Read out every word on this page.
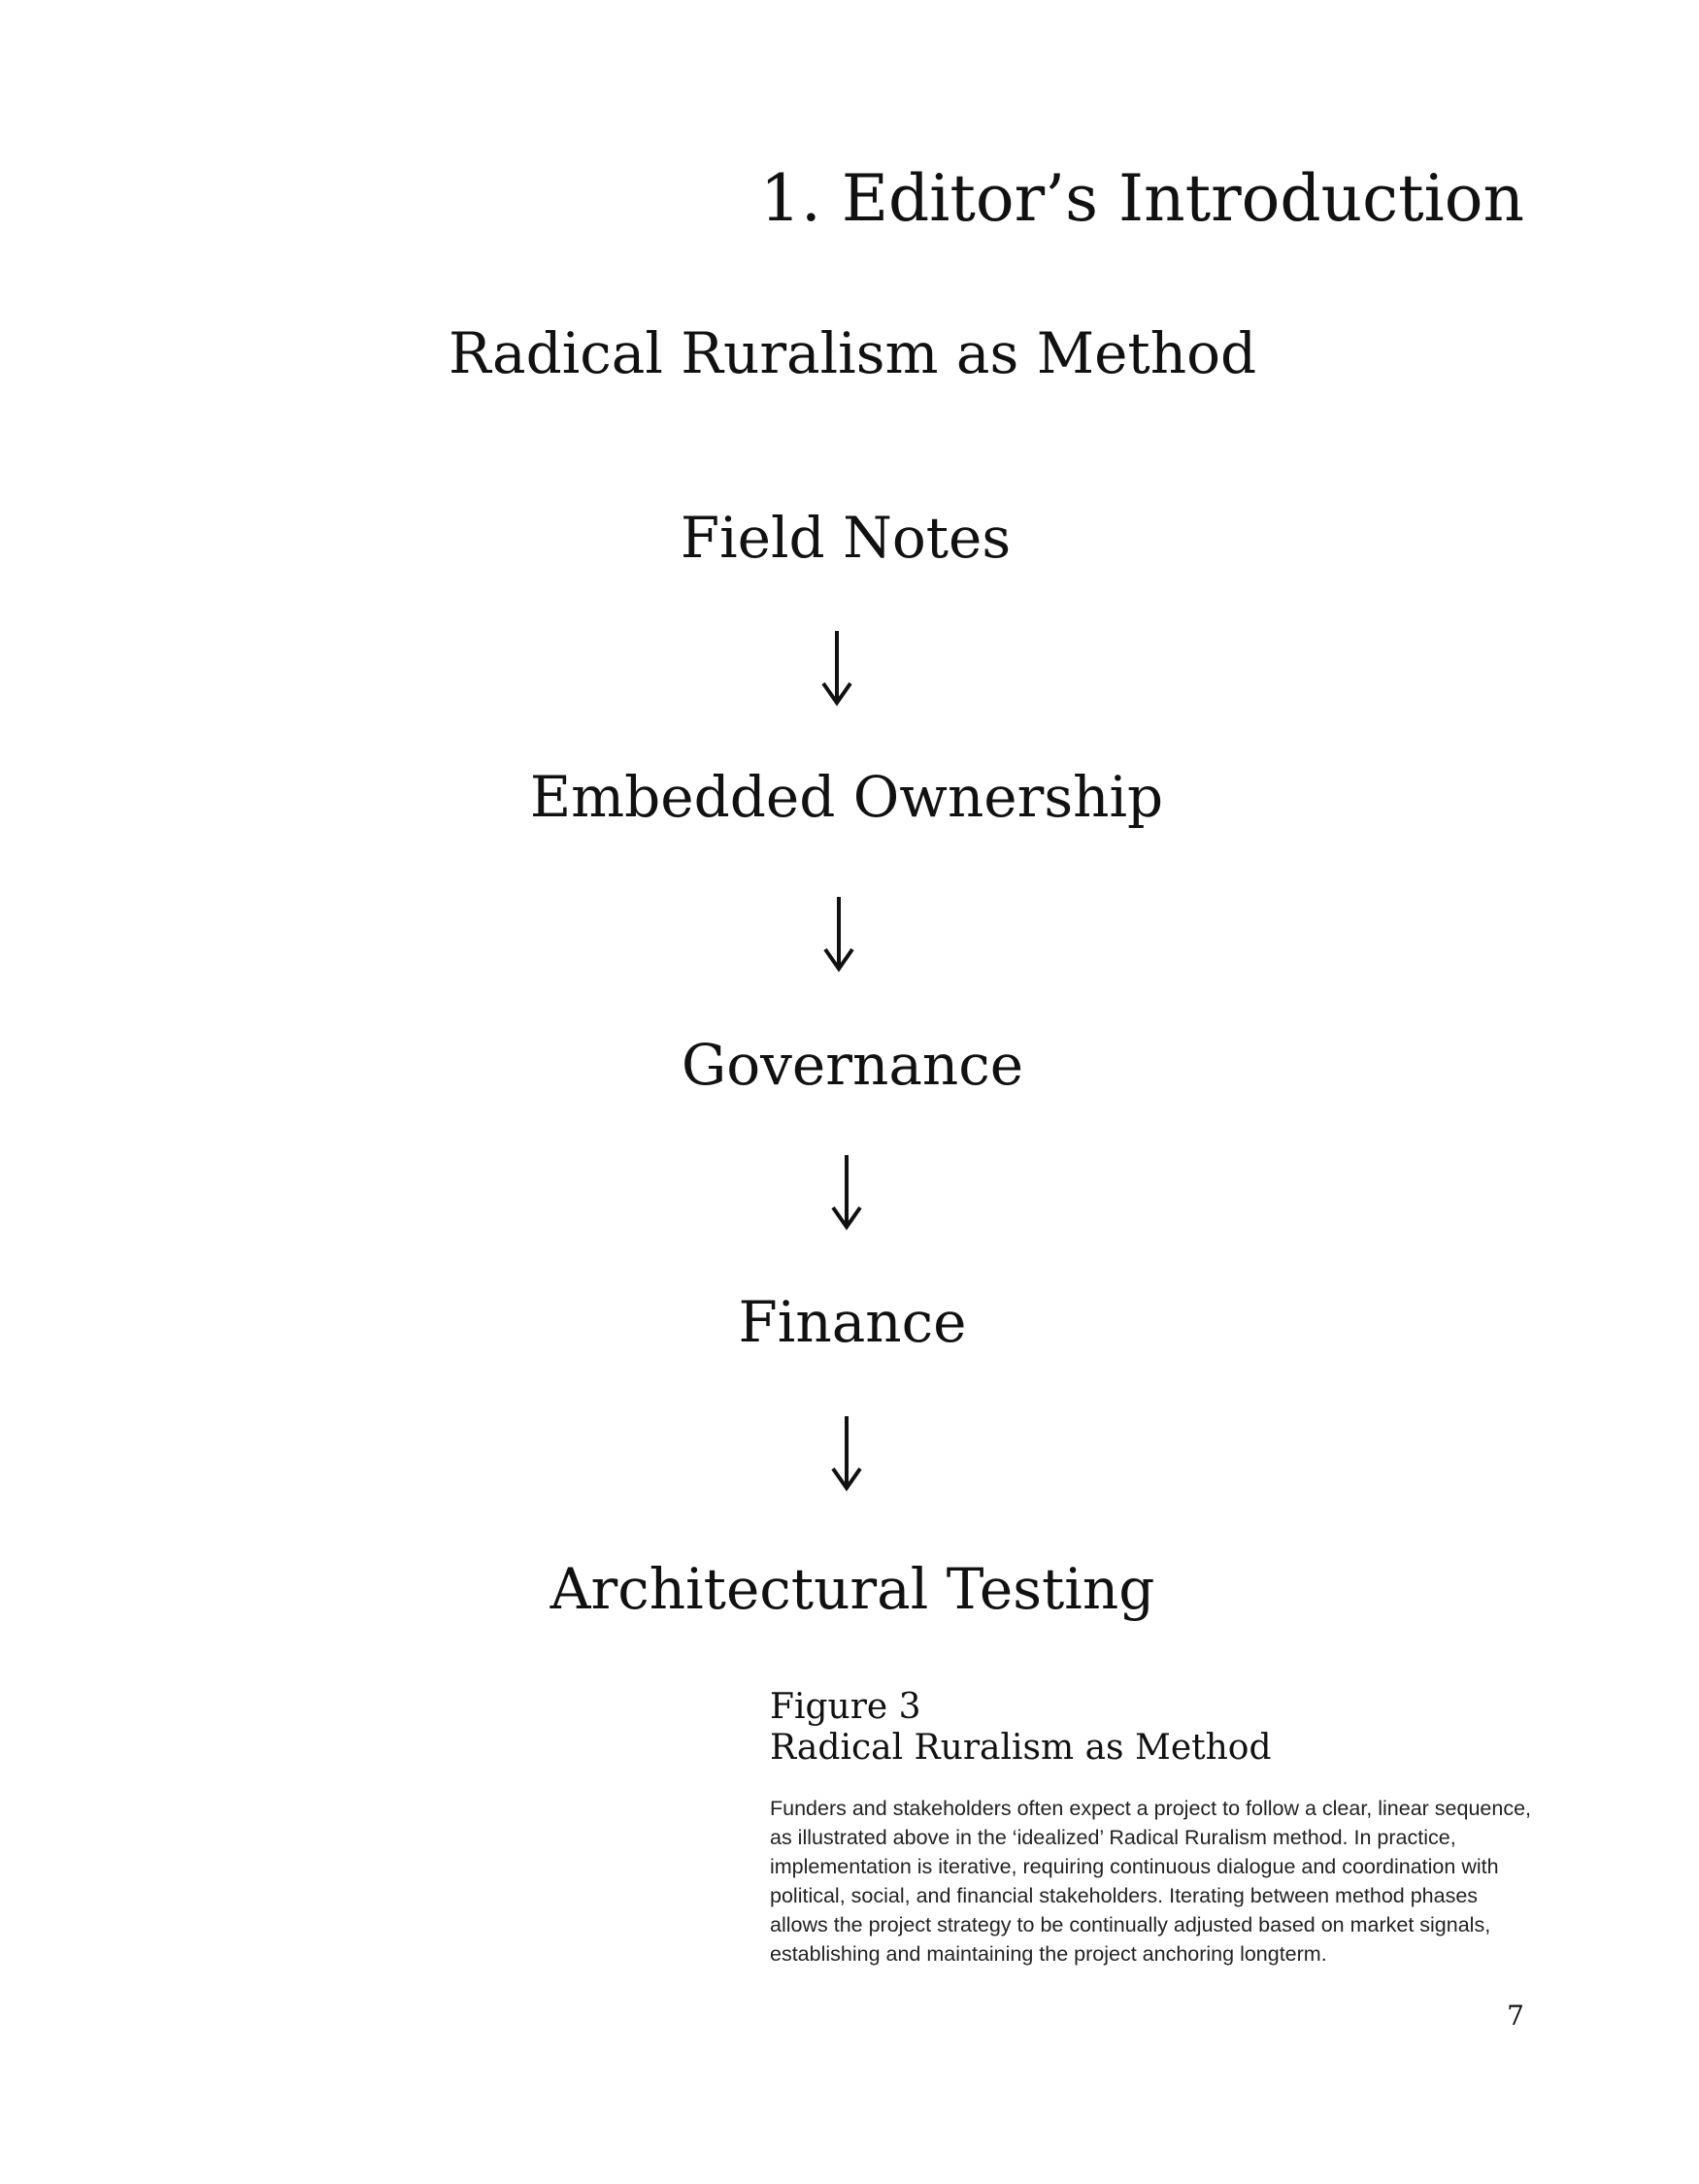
1. Editor’s Introduction
Radical Ruralism as Method
Field Notes
Embedded Ownership
Governance
Finance
Architectural Testing

Figure 3

Radical Ruralism as Method

Funders and stakeholders often expect a project to follow a clear, linear sequence, as illustrated above in the ‘idealized’ Radical Ruralism method. In practice, implementation is iterative, requiring continuous dialogue and coordination with political, social, and financial stakeholders. Iterating between method phases allows the project strategy to be continually adjusted based on market signals, establishing and maintaining the project anchoring longterm.

7
